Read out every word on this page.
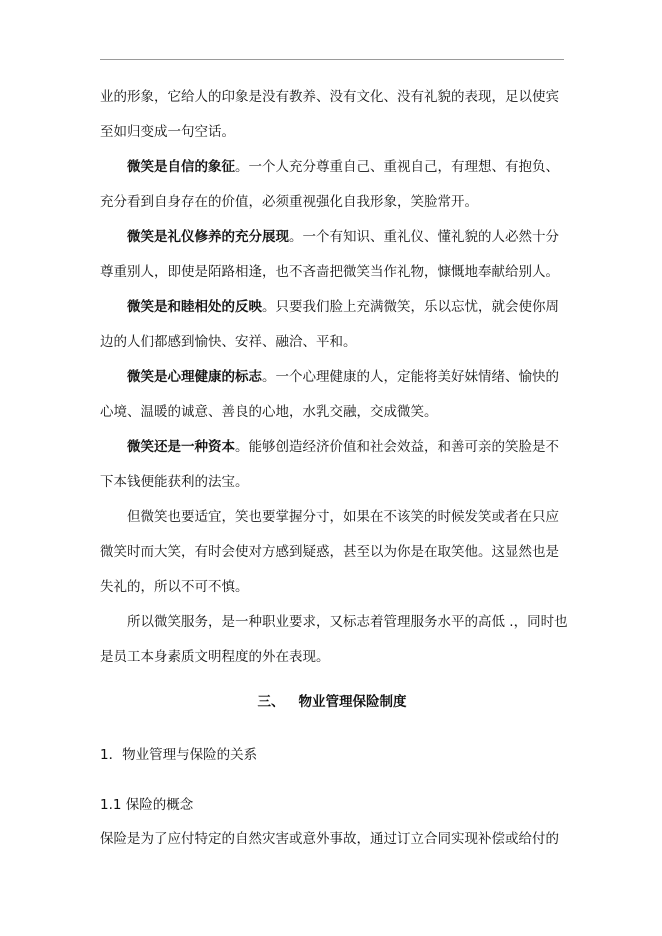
业的形象，它给人的印象是没有教养、没有文化、没有礼貌的表现，足以使宾
至如归变成一句空话。
微笑是自信的象征。一个人充分尊重自己、重视自己，有理想、有抱负、
充分看到自身存在的价值，必须重视强化自我形象，笑脸常开。
微笑是礼仪修养的充分展现。一个有知识、重礼仪、懂礼貌的人必然十分
尊重别人，即使是陌路相逢，也不吝啬把微笑当作礼物，慷慨地奉献给别人。
微笑是和睦相处的反映。只要我们脸上充满微笑，乐以忘忧，就会使你周
边的人们都感到愉快、安祥、融洽、平和。
微笑是心理健康的标志。一个心理健康的人，定能将美好妹情绪、愉快的
心境、温暖的诚意、善良的心地，水乳交融，交成微笑。
微笑还是一种资本。能够创造经济价值和社会效益，和善可亲的笑脸是不
下本钱便能获利的法宝。
但微笑也要适宜，笑也要掌握分寸，如果在不该笑的时候发笑或者在只应
微笑时而大笑，有时会使对方感到疑惑，甚至以为你是在取笑他。这显然也是
失礼的，所以不可不慎。
所以微笑服务，是一种职业要求，又标志着管理服务水平的高低 .，同时也
是员工本身素质文明程度的外在表现。
三、 物业管理保险制度
1．物业管理与保险的关系
1.1 保险的概念
保险是为了应付特定的自然灾害或意外事故，通过订立合同实现补偿或给付的
